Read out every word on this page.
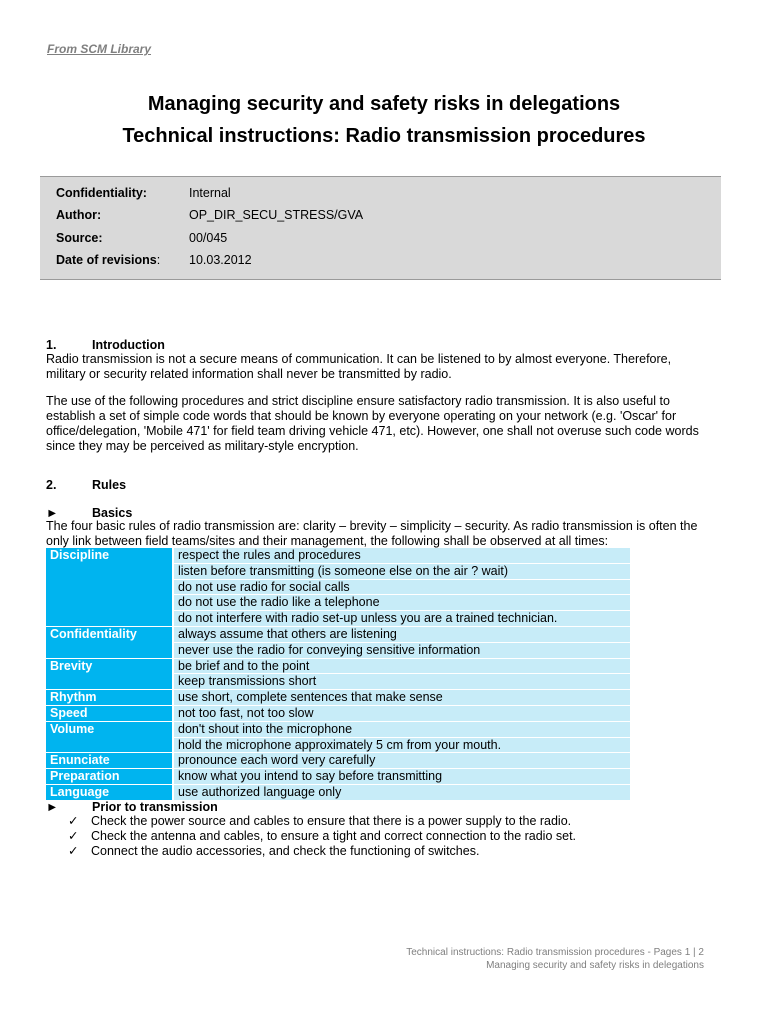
From SCM Library
Managing security and safety risks in delegations
Technical instructions: Radio transmission procedures
Confidentiality:	Internal
Author:	OP_DIR_SECU_STRESS/GVA
Source:	00/045
Date of revisions: 10.03.2012
1.	Introduction
Radio transmission is not a secure means of communication. It can be listened to by almost everyone. Therefore,
military or security related information shall never be transmitted by radio.
The use of the following procedures and strict discipline ensure satisfactory radio transmission. It is also useful to
establish a set of simple code words that should be known by everyone operating on your network (e.g. 'Oscar' for
office/delegation, 'Mobile 471' for field team driving vehicle 471, etc). However, one shall not overuse such code words
since they may be perceived as military-style encryption.
2.	Rules
►	Basics
The four basic rules of radio transmission are: clarity – brevity – simplicity – security. As radio transmission is often the
only link between field teams/sites and their management, the following shall be observed at all times:
Discipline	respect the rules and procedures
	listen before transmitting (is someone else on the air ? wait)
	do not use radio for social calls
	do not use the radio like a telephone
	do not interfere with radio set-up unless you are a trained technician.
Confidentiality	always assume that others are listening
	never use the radio for conveying sensitive information
Brevity	be brief and to the point
	keep transmissions short
Rhythm	use short, complete sentences that make sense
Speed	not too fast, not too slow
Volume	don't shout into the microphone
	hold the microphone approximately 5 cm from your mouth.
Enunciate	pronounce each word very carefully
Preparation	know what you intend to say before transmitting
Language	use authorized language only
►	Prior to transmission
✓ Check the power source and cables to ensure that there is a power supply to the radio.
✓ Check the antenna and cables, to ensure a tight and correct connection to the radio set.
✓ Connect the audio accessories, and check the functioning of switches.
Technical instructions: Radio transmission procedures - Pages 1 | 2
Managing security and safety risks in delegations
